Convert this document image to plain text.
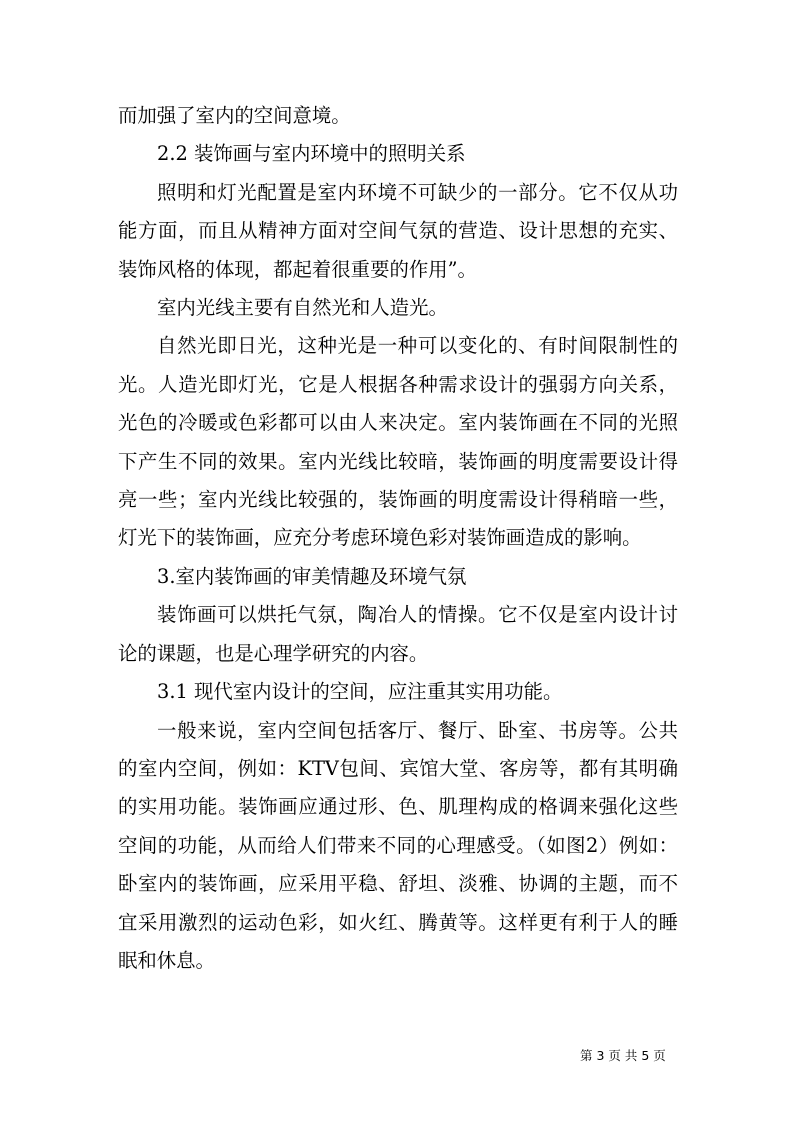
而加强了室内的空间意境。

2.2 装饰画与室内环境中的照明关系

照明和灯光配置是室内环境不可缺少的一部分。它不仅从功能方面，而且从精神方面对空间气氛的营造、设计思想的充实、装饰风格的体现，都起着很重要的作用”。

室内光线主要有自然光和人造光。

自然光即日光，这种光是一种可以变化的、有时间限制性的光。人造光即灯光，它是人根据各种需求设计的强弱方向关系，光色的冷暖或色彩都可以由人来决定。室内装饰画在不同的光照下产生不同的效果。室内光线比较暗，装饰画的明度需要设计得亮一些；室内光线比较强的，装饰画的明度需设计得稍暗一些，灯光下的装饰画，应充分考虑环境色彩对装饰画造成的影响。

3.室内装饰画的审美情趣及环境气氛

装饰画可以烘托气氛，陶冶人的情操。它不仅是室内设计讨论的课题，也是心理学研究的内容。

3.1 现代室内设计的空间，应注重其实用功能。

一般来说，室内空间包括客厅、餐厅、卧室、书房等。公共的室内空间，例如：KTV包间、宾馆大堂、客房等，都有其明确的实用功能。装饰画应通过形、色、肌理构成的格调来强化这些空间的功能，从而给人们带来不同的心理感受。（如图2）例如：卧室内的装饰画，应采用平稳、舒坦、淡雅、协调的主题，而不宜采用激烈的运动色彩，如火红、腾黄等。这样更有利于人的睡眠和休息。

第 3 页 共 5 页
